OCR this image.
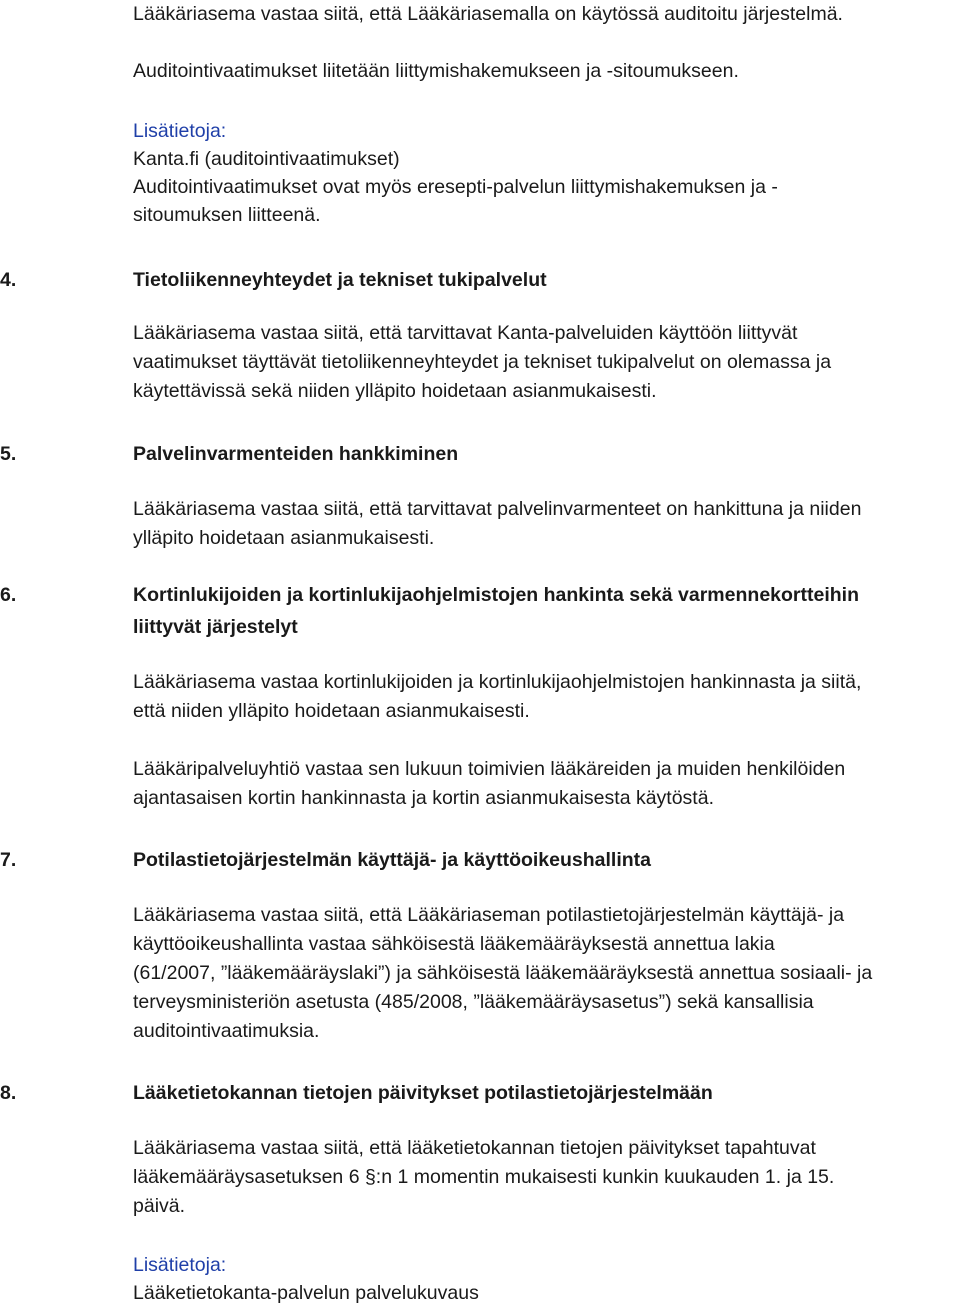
Lääkäriasema vastaa siitä, että Lääkäriasemalla on käytössä auditoitu järjestelmä.
Auditointivaatimukset liitetään liittymishakemukseen ja -sitoumukseen.
Lisätietoja:
Kanta.fi (auditointivaatimukset)
Auditointivaatimukset ovat myös eresepti-palvelun liittymishakemuksen ja -
sitoumuksen liitteenä.
4.	Tietoliikenneyhteydet ja tekniset tukipalvelut
Lääkäriasema vastaa siitä, että tarvittavat Kanta-palveluiden käyttöön liittyvät
vaatimukset täyttävät tietoliikenneyhteydet ja tekniset tukipalvelut on olemassa ja
käytettävissä sekä niiden ylläpito hoidetaan asianmukaisesti.
5.	Palvelinvarmenteiden hankkiminen
Lääkäriasema vastaa siitä, että tarvittavat palvelinvarmenteet on hankittuna ja niiden
ylläpito hoidetaan asianmukaisesti.
6.	Kortinlukijoiden ja kortinlukijaohjelmistojen hankinta sekä varmennekortteihin
liittyvät järjestelyt
Lääkäriasema vastaa kortinlukijoiden ja kortinlukijaohjelmistojen hankinnasta ja siitä,
että niiden ylläpito hoidetaan asianmukaisesti.
Lääkäripalveluyhtiö vastaa sen lukuun toimivien lääkäreiden ja muiden henkilöiden
ajantasaisen kortin hankinnasta ja kortin asianmukaisesta käytöstä.
7.	Potilastietojärjestelmän käyttäjä- ja käyttöoikeushallinta
Lääkäriasema vastaa siitä, että Lääkäriaseman potilastietojärjestelmän käyttäjä- ja
käyttöoikeushallinta vastaa sähköisestä lääkemääräyksestä annettua lakia
(61/2007, ”lääkemääräyslaki”) ja sähköisestä lääkemääräyksestä annettua sosiaali- ja
terveysministeriön asetusta (485/2008, ”lääkemääräysasetus”) sekä kansallisia
auditointivaatimuksia.
8.	Lääketietokannan tietojen päivitykset potilastietojärjestelmään
Lääkäriasema vastaa siitä, että lääketietokannan tietojen päivitykset tapahtuvat
lääkemääräysasetuksen 6 §:n 1 momentin mukaisesti kunkin kuukauden 1. ja 15.
päivä.
Lisätietoja:
Lääketietokanta-palvelun palvelukuvaus
